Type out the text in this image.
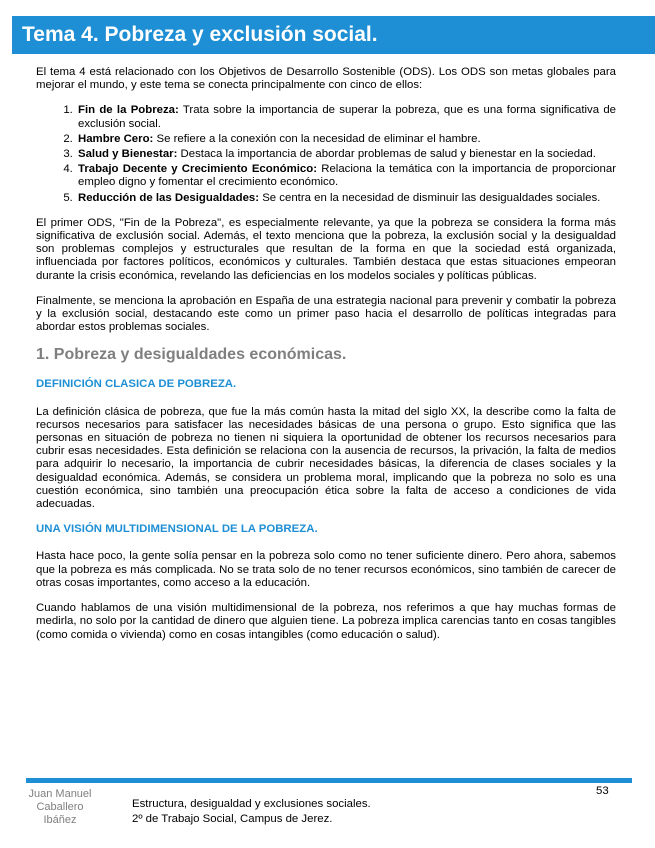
Tema 4. Pobreza y exclusión social.

El tema 4 está relacionado con los Objetivos de Desarrollo Sostenible (ODS). Los ODS son metas globales para mejorar el mundo, y este tema se conecta principalmente con cinco de ellos:

1. Fin de la Pobreza: Trata sobre la importancia de superar la pobreza, que es una forma significativa de exclusión social.
2. Hambre Cero: Se refiere a la conexión con la necesidad de eliminar el hambre.
3. Salud y Bienestar: Destaca la importancia de abordar problemas de salud y bienestar en la sociedad.
4. Trabajo Decente y Crecimiento Económico: Relaciona la temática con la importancia de proporcionar empleo digno y fomentar el crecimiento económico.
5. Reducción de las Desigualdades: Se centra en la necesidad de disminuir las desigualdades sociales.

El primer ODS, "Fin de la Pobreza", es especialmente relevante, ya que la pobreza se considera la forma más significativa de exclusión social. Además, el texto menciona que la pobreza, la exclusión social y la desigualdad son problemas complejos y estructurales que resultan de la forma en que la sociedad está organizada, influenciada por factores políticos, económicos y culturales. También destaca que estas situaciones empeoran durante la crisis económica, revelando las deficiencias en los modelos sociales y políticas públicas.

Finalmente, se menciona la aprobación en España de una estrategia nacional para prevenir y combatir la pobreza y la exclusión social, destacando este como un primer paso hacia el desarrollo de políticas integradas para abordar estos problemas sociales.

1. Pobreza y desigualdades económicas.
DEFINICIÓN CLASICA DE POBREZA.

La definición clásica de pobreza, que fue la más común hasta la mitad del siglo XX, la describe como la falta de recursos necesarios para satisfacer las necesidades básicas de una persona o grupo. Esto significa que las personas en situación de pobreza no tienen ni siquiera la oportunidad de obtener los recursos necesarios para cubrir esas necesidades. Esta definición se relaciona con la ausencia de recursos, la privación, la falta de medios para adquirir lo necesario, la importancia de cubrir necesidades básicas, la diferencia de clases sociales y la desigualdad económica. Además, se considera un problema moral, implicando que la pobreza no solo es una cuestión económica, sino también una preocupación ética sobre la falta de acceso a condiciones de vida adecuadas.

UNA VISIÓN MULTIDIMENSIONAL DE LA POBREZA.

Hasta hace poco, la gente solía pensar en la pobreza solo como no tener suficiente dinero. Pero ahora, sabemos que la pobreza es más complicada. No se trata solo de no tener recursos económicos, sino también de carecer de otras cosas importantes, como acceso a la educación.

Cuando hablamos de una visión multidimensional de la pobreza, nos referimos a que hay muchas formas de medirla, no solo por la cantidad de dinero que alguien tiene. La pobreza implica carencias tanto en cosas tangibles (como comida o vivienda) como en cosas intangibles (como educación o salud).

Juan Manuel
Caballero
Ibáñez
Estructura, desigualdad y exclusiones sociales.
2º de Trabajo Social, Campus de Jerez.
53
